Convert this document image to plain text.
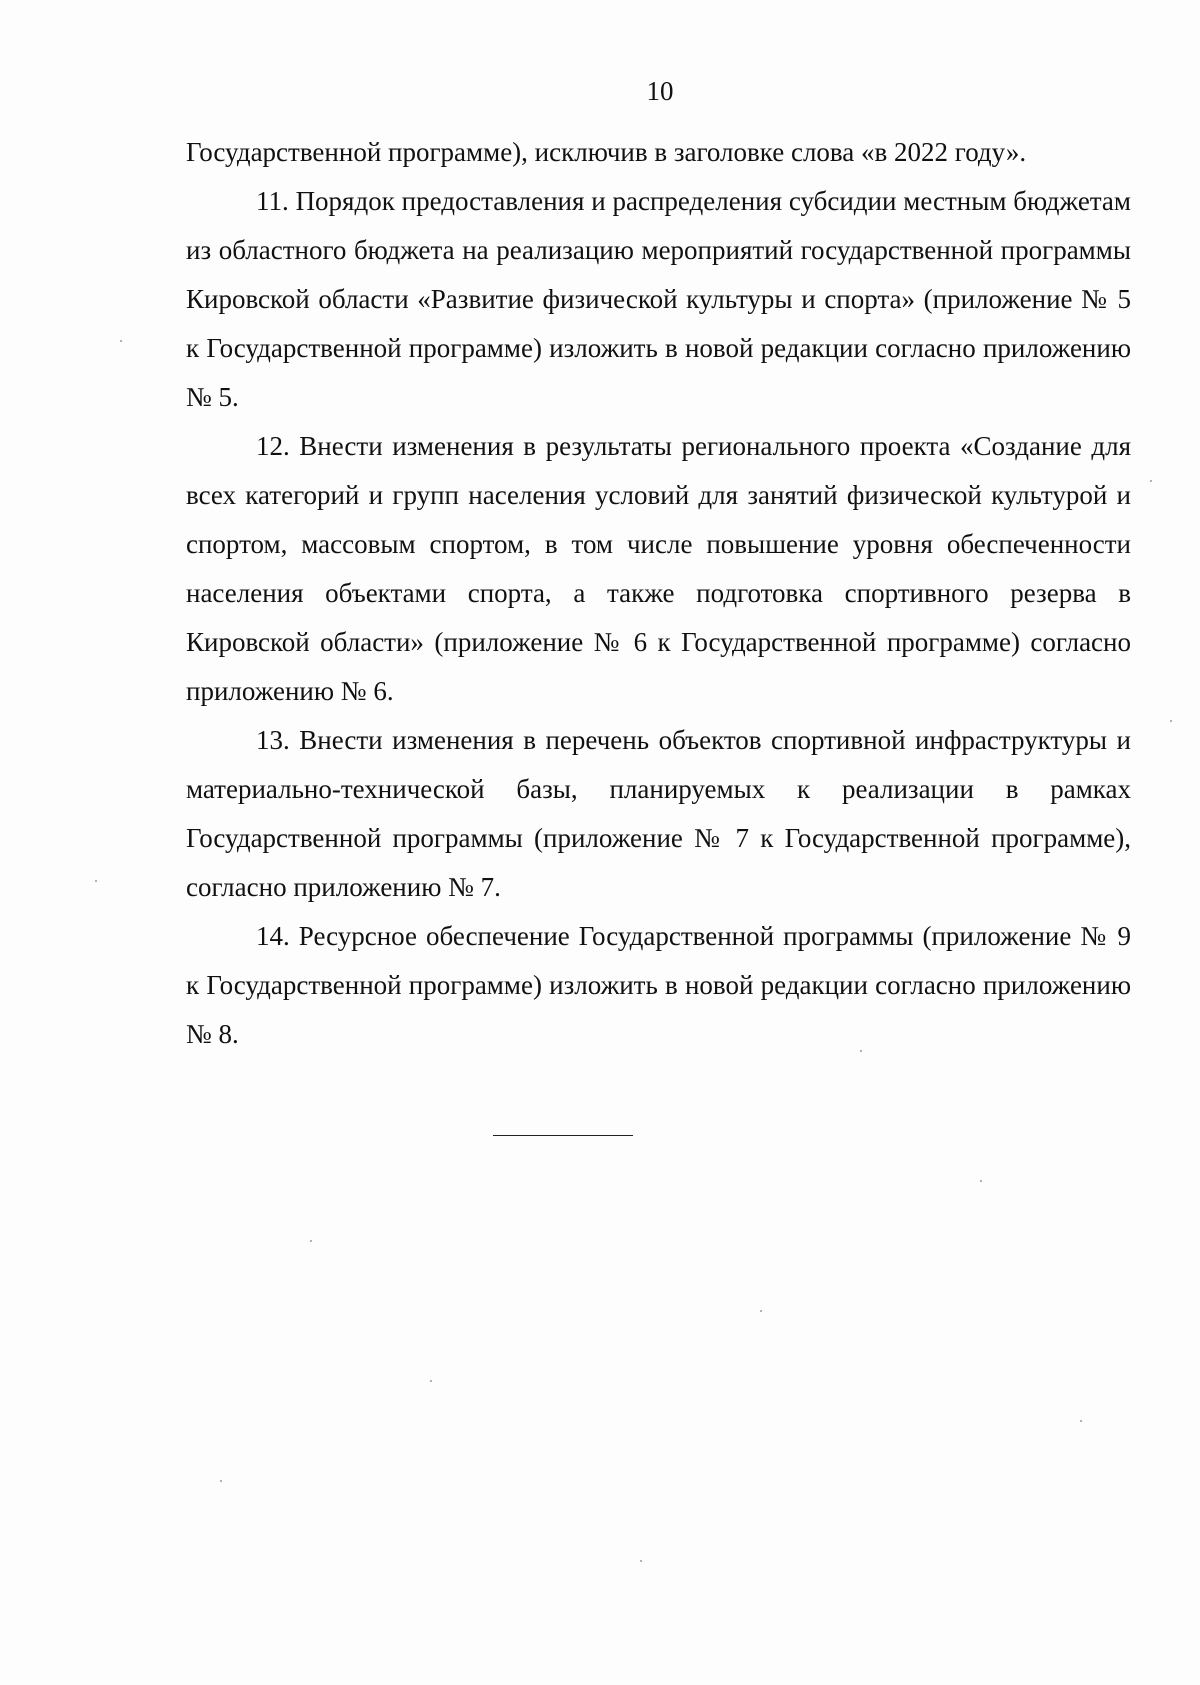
10

Государственной программе), исключив в заголовке слова «в 2022 году».

11. Порядок предоставления и распределения субсидии местным бюджетам из областного бюджета на реализацию мероприятий государственной программы Кировской области «Развитие физической культуры и спорта» (приложение № 5 к Государственной программе) изложить в новой редакции согласно приложению № 5.

12. Внести изменения в результаты регионального проекта «Создание для всех категорий и групп населения условий для занятий физической культурой и спортом, массовым спортом, в том числе повышение уровня обеспеченности населения объектами спорта, а также подготовка спортивного резерва в Кировской области» (приложение № 6 к Государственной программе) согласно приложению № 6.

13. Внести изменения в перечень объектов спортивной инфраструктуры и материально-технической базы, планируемых к реализации в рамках Государственной программы (приложение № 7 к Государственной программе), согласно приложению № 7.

14. Ресурсное обеспечение Государственной программы (приложение № 9 к Государственной программе) изложить в новой редакции согласно приложению № 8.
